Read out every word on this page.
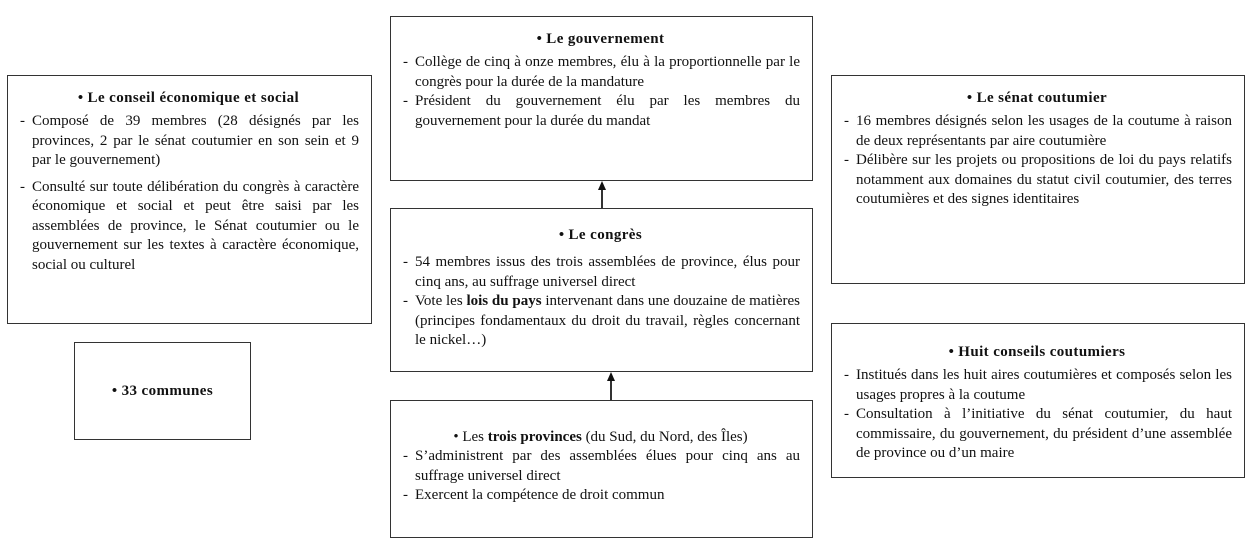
• Le conseil économique et social
- Composé de 39 membres (28 désignés par les provinces, 2 par le sénat coutumier en son sein et 9 par le gouvernement)
- Consulté sur toute délibération du congrès à caractère économique et social et peut être saisi par les assemblées de province, le Sénat coutumier ou le gouvernement sur les textes à caractère économique, social ou culturel
• 33 communes
• Le gouvernement
- Collège de cinq à onze membres, élu à la proportionnelle par le congrès pour la durée de la mandature
- Président du gouvernement élu par les membres du gouvernement pour la durée du mandat
• Le congrès
- 54 membres issus des trois assemblées de province, élus pour cinq ans, au suffrage universel direct
- Vote les lois du pays intervenant dans une douzaine de matières (principes fondamentaux du droit du travail, règles concernant le nickel…)
• Les trois provinces (du Sud, du Nord, des Îles)
- S’administrent par des assemblées élues pour cinq ans au suffrage universel direct
- Exercent la compétence de droit commun
• Le sénat coutumier
- 16 membres désignés selon les usages de la coutume à raison de deux représentants par aire coutumière
- Délibère sur les projets ou propositions de loi du pays relatifs notamment aux domaines du statut civil coutumier, des terres coutumières et des signes identitaires
• Huit conseils coutumiers
- Institués dans les huit aires coutumières et composés selon les usages propres à la coutume
- Consultation à l’initiative du sénat coutumier, du haut commissaire, du gouvernement, du président d’une assemblée de province ou d’un maire
